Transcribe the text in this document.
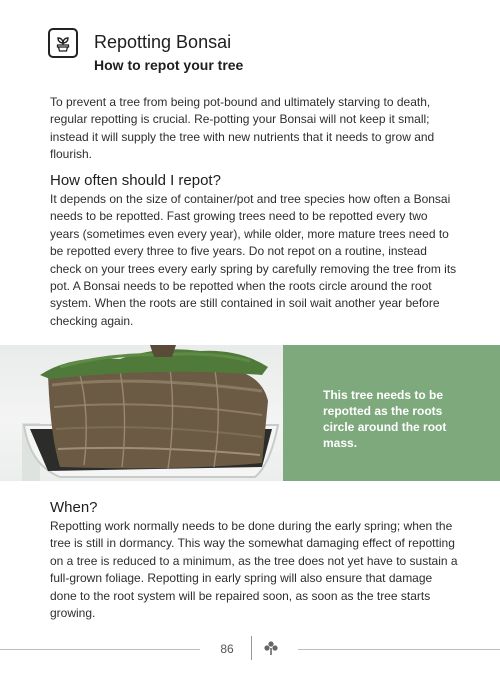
Repotting Bonsai
How to repot your tree
To prevent a tree from being pot-bound and ultimately starving to death, regular repotting is crucial. Re-potting your Bonsai will not keep it small; instead it will supply the tree with new nutrients that it needs to grow and flourish.
How often should I repot?
It depends on the size of container/pot and tree species how often a Bonsai needs to be repotted. Fast growing trees need to be repotted every two years (sometimes even every year), while older, more mature trees need to be repotted every three to five years. Do not repot on a routine, instead check on your trees every early spring by carefully removing the tree from its pot. A Bonsai needs to be repotted when the roots circle around the root system. When the roots are still contained in soil wait another year before checking again.
This tree needs to be repotted as the roots circle around the root mass.
When?
Repotting work normally needs to be done during the early spring; when the tree is still in dormancy. This way the somewhat damaging effect of repotting on a tree is reduced to a minimum, as the tree does not yet have to sustain a full-grown foliage. Repotting in early spring will also ensure that damage done to the root system will be repaired soon, as soon as the tree starts growing.
86
